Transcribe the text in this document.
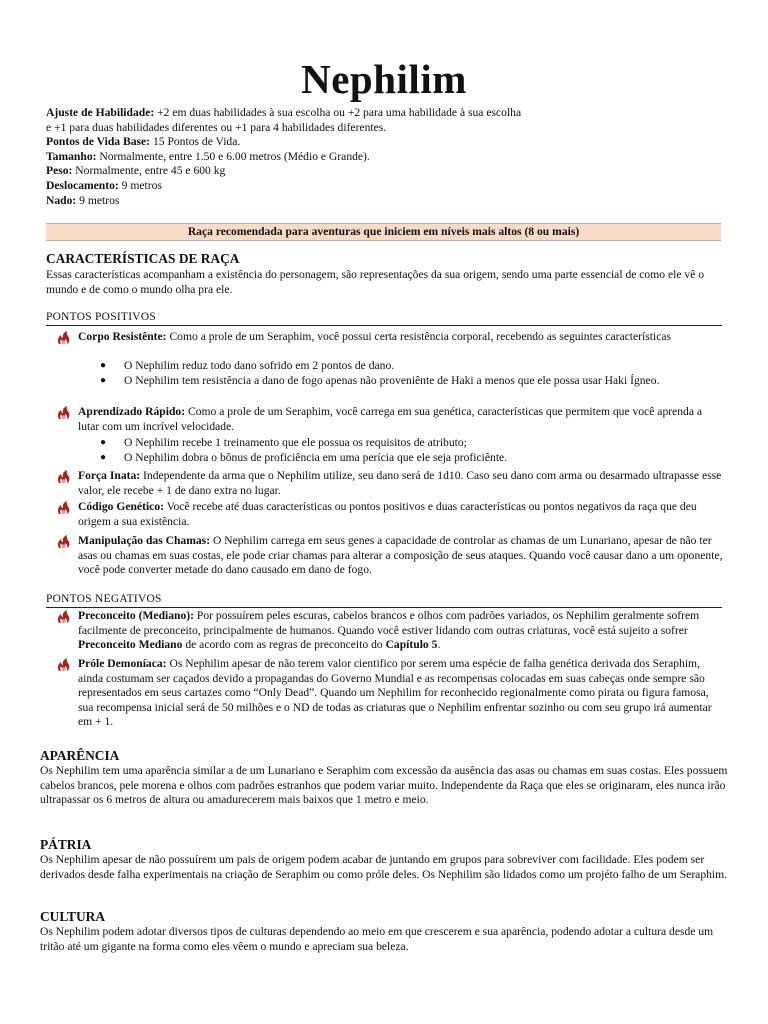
Nephilim
Ajuste de Habilidade: +2 em duas habilidades à sua escolha ou +2 para uma habilidade à sua escolha
e +1 para duas habilidades diferentes ou +1 para 4 habilidades diferentes.
Pontos de Vida Base: 15 Pontos de Vida.
Tamanho: Normalmente, entre 1.50 e 6.00 metros (Médio e Grande).
Peso: Normalmente, entre 45 e 600 kg
Deslocamento: 9 metros
Nado: 9 metros
Raça recomendada para aventuras que iniciem em níveis mais altos (8 ou mais)
CARACTERÍSTICAS DE RAÇA
Essas características acompanham a existência do personagem, são representações da sua origem, sendo uma parte essencial de como ele vê o mundo e de como o mundo olha pra ele.
PONTOS POSITIVOS
Corpo Resistênte: Como a prole de um Seraphim, você possui certa resistência corporal, recebendo as seguintes características
● O Nephilim reduz todo dano sofrido em 2 pontos de dano.
● O Nephilim tem resistência a dano de fogo apenas não proveniênte de Haki a menos que ele possa usar Haki Ígneo.
Aprendizado Rápido: Como a prole de um Seraphim, você carrega em sua genética, características que permitem que você aprenda a lutar com um incrível velocidade.
● O Nephilim recebe 1 treinamento que ele possua os requisitos de atributo;
● O Nephilim dobra o bônus de proficiência em uma perícia que ele seja proficiênte.
Força Inata: Independente da arma que o Nephilim utilize, seu dano será de 1d10. Caso seu dano com arma ou desarmado ultrapasse esse valor, ele recebe + 1 de dano extra no lugar.
Código Genético: Você recebe até duas características ou pontos positivos e duas características ou pontos negativos da raça que deu origem a sua existência.
Manipulação das Chamas: O Nephilim carrega em seus genes a capacidade de controlar as chamas de um Lunariano, apesar de não ter asas ou chamas em suas costas, ele pode criar chamas para alterar a composição de seus ataques. Quando você causar dano a um oponente, você pode converter metade do dano causado em dano de fogo.
PONTOS NEGATIVOS
Preconceito (Mediano): Por possuírem peles escuras, cabelos brancos e olhos com padrões variados, os Nephilim geralmente sofrem facilmente de preconceito, principalmente de humanos. Quando você estiver lidando com outras criaturas, você está sujeito a sofrer Preconceito Mediano de acordo com as regras de preconceito do Capítulo 5.
Próle Demoníaca: Os Nephilim apesar de não terem valor cientifico por serem uma espécie de falha genética derivada dos Seraphim, ainda costumam ser caçados devido a propagandas do Governo Mundial e as recompensas colocadas em suas cabeças onde sempre são representados em seus cartazes como “Only Dead”. Quando um Nephilim for reconhecido regionalmente como pirata ou figura famosa, sua recompensa inicial será de 50 milhões e o ND de todas as criaturas que o Nephilim enfrentar sozinho ou com seu grupo irá aumentar em + 1.
APARÊNCIA
Os Nephilim tem uma aparência similar a de um Lunariano e Seraphim com excessão da ausência das asas ou chamas em suas costas. Eles possuem cabelos brancos, pele morena e olhos com padrões estranhos que podem variar muito. Independente da Raça que eles se originaram, eles nunca irão ultrapassar os 6 metros de altura ou amadurecerem mais baixos que 1 metro e meio.
PÁTRIA
Os Nephilim apesar de não possuírem um pais de origem podem acabar de juntando em grupos para sobreviver com facilidade. Eles podem ser derivados desde falha experimentais na criação de Seraphim ou como próle deles. Os Nephilim são lidados como um projéto falho de um Seraphim.
CULTURA
Os Nephilim podem adotar diversos tipos de culturas dependendo ao meio em que crescerem e sua aparência, podendo adotar a cultura desde um tritão até um gigante na forma como eles vêem o mundo e apreciam sua beleza.
